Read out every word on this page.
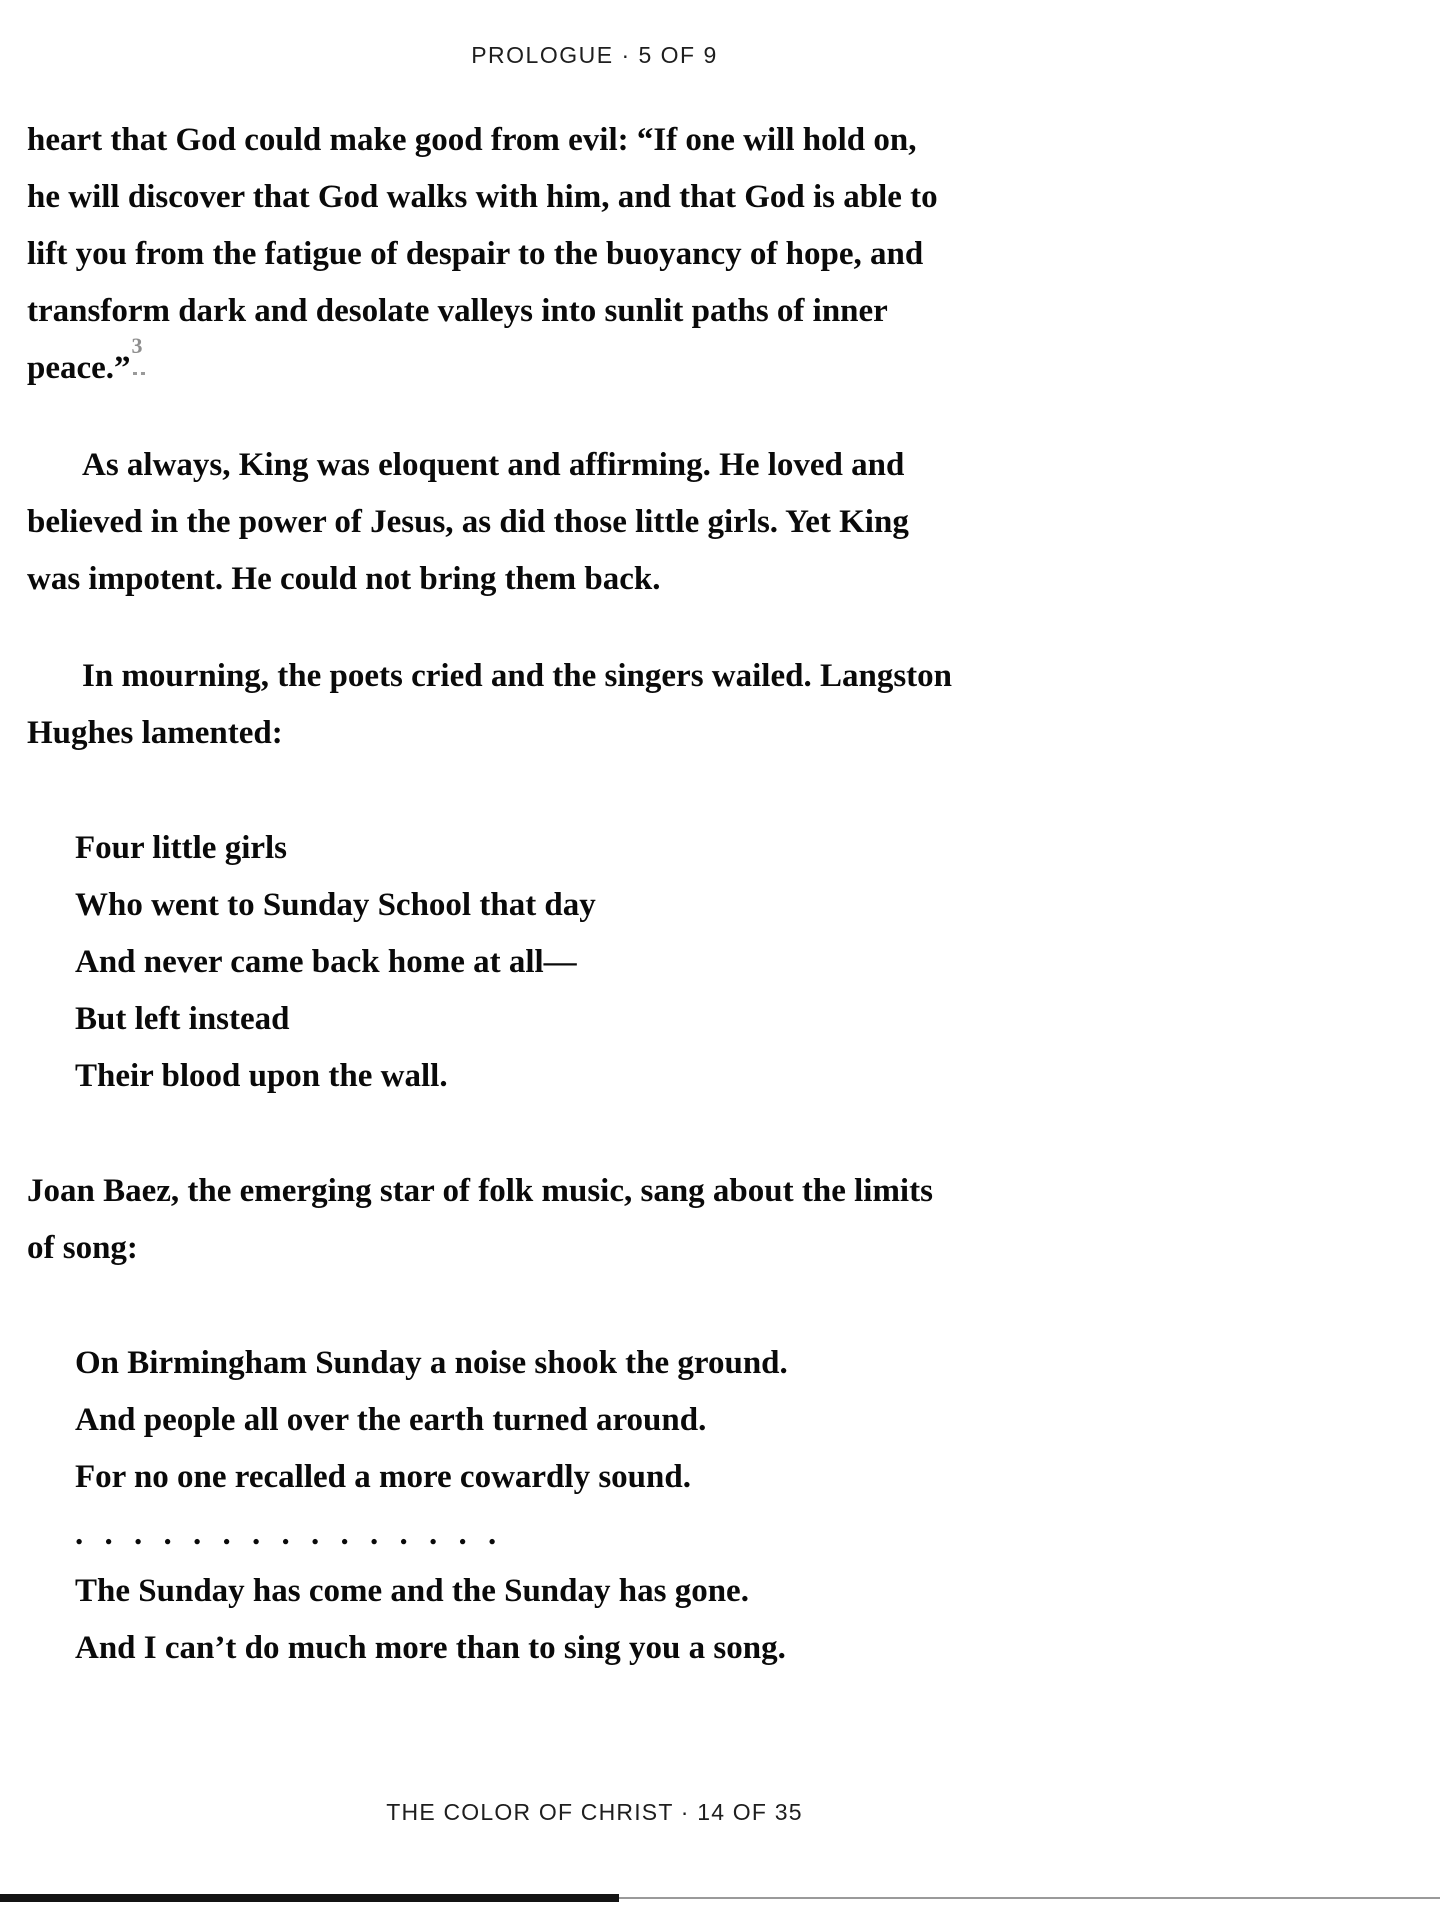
PROLOGUE · 5 OF 9
heart that God could make good from evil: “If one will hold on,
he will discover that God walks with him, and that God is able to
lift you from the fatigue of despair to the buoyancy of hope, and
transform dark and desolate valleys into sunlit paths of inner
peace.”$^3$
As always, King was eloquent and affirming. He loved and
believed in the power of Jesus, as did those little girls. Yet King
was impotent. He could not bring them back.
In mourning, the poets cried and the singers wailed. Langston
Hughes lamented:
Four little girls
Who went to Sunday School that day
And never came back home at all—
But left instead
Their blood upon the wall.
Joan Baez, the emerging star of folk music, sang about the limits
of song:
On Birmingham Sunday a noise shook the ground.
And people all over the earth turned around.
For no one recalled a more cowardly sound.
. . . . . . . . . . . . . . .
The Sunday has come and the Sunday has gone.
And I can’t do much more than to sing you a song.
THE COLOR OF CHRIST · 14 OF 35
